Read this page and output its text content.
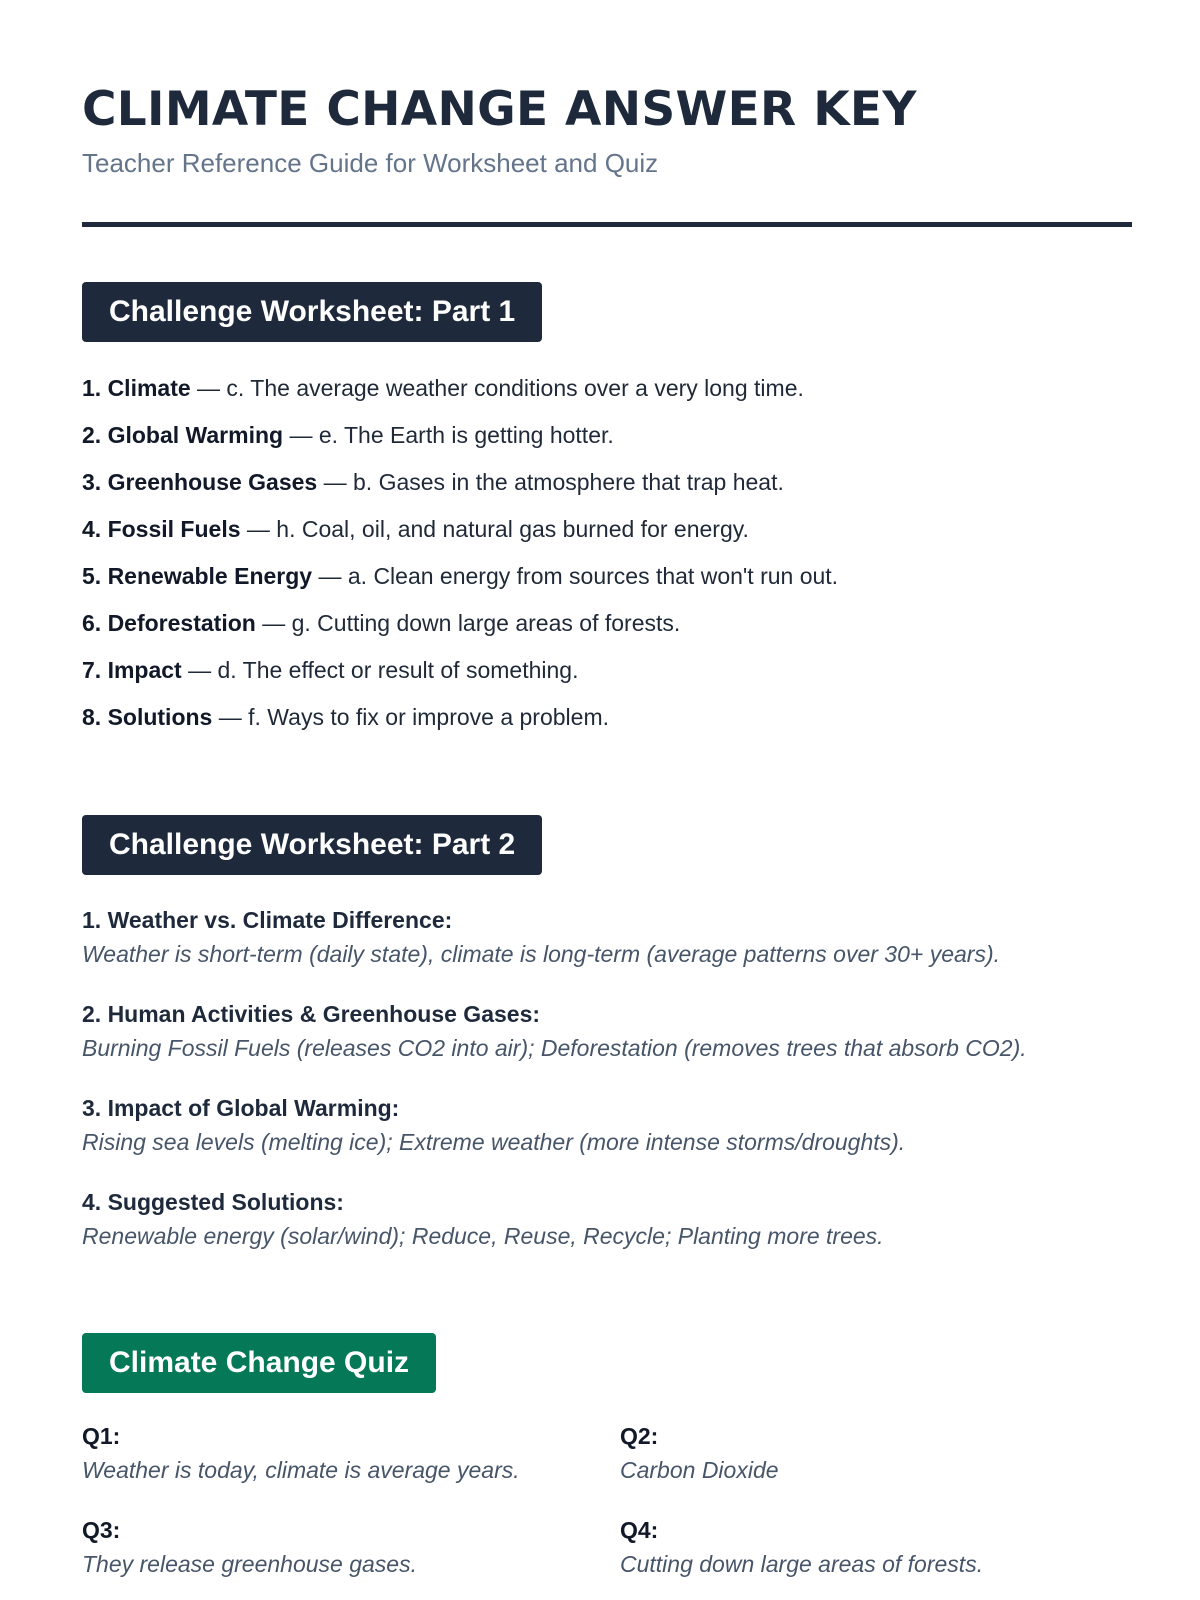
CLIMATE CHANGE ANSWER KEY

Teacher Reference Guide for Worksheet and Quiz

Challenge Worksheet: Part 1
1. Climate — c. The average weather conditions over a very long time.
2. Global Warming — e. The Earth is getting hotter.
3. Greenhouse Gases — b. Gases in the atmosphere that trap heat.
4. Fossil Fuels — h. Coal, oil, and natural gas burned for energy.
5. Renewable Energy — a. Clean energy from sources that won't run out.
6. Deforestation — g. Cutting down large areas of forests.
7. Impact — d. The effect or result of something.
8. Solutions — f. Ways to fix or improve a problem.
Challenge Worksheet: Part 2
1. Weather vs. Climate Difference:
Weather is short-term (daily state), climate is long-term (average patterns over 30+ years).
2. Human Activities & Greenhouse Gases:
Burning Fossil Fuels (releases CO2 into air); Deforestation (removes trees that absorb CO2).
3. Impact of Global Warming:
Rising sea levels (melting ice); Extreme weather (more intense storms/droughts).
4. Suggested Solutions:
Renewable energy (solar/wind); Reduce, Reuse, Recycle; Planting more trees.
Climate Change Quiz
Q1:
Weather is today, climate is average years.
Q2:
Carbon Dioxide
Q3:
They release greenhouse gases.
Q4:
Cutting down large areas of forests.
